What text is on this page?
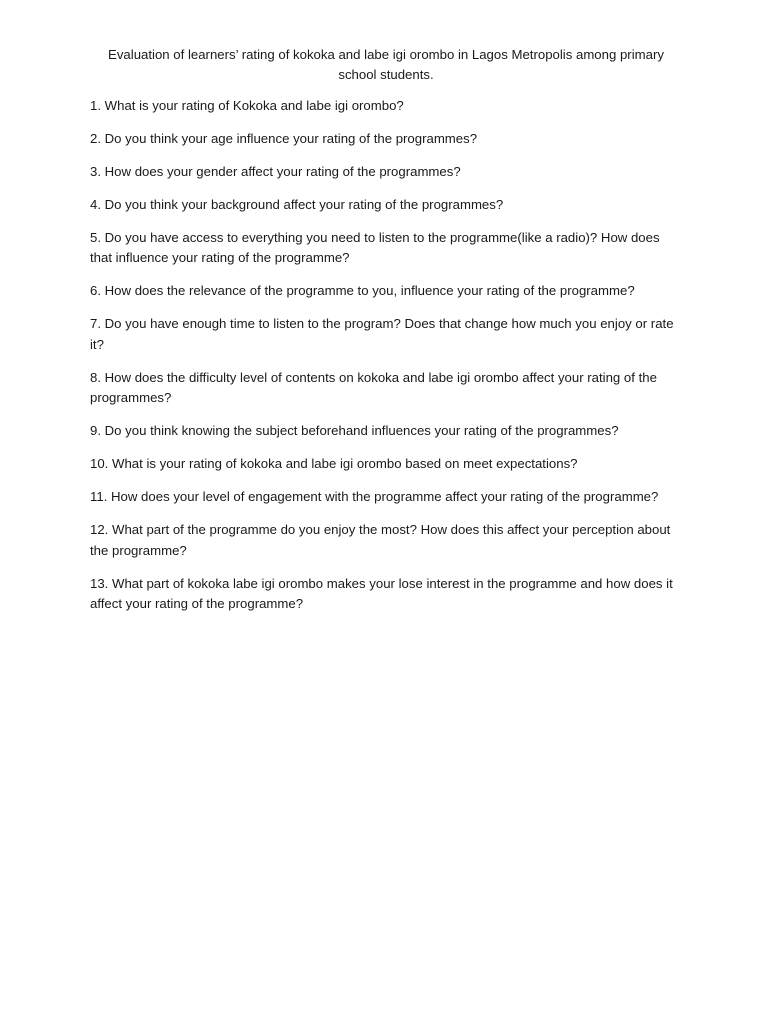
Evaluation of learners’ rating of kokoka and labe igi orombo in Lagos Metropolis among primary school students.

1. What is your rating of Kokoka and labe igi orombo?
2. Do you think your age influence your rating of the programmes?
3. How does your gender affect your rating of the programmes?
4. Do you think your background affect your rating of the programmes?
5. Do you have access to everything you need to listen to the programme(like a radio)? How does that influence your rating of the programme?
6. How does the relevance of the programme to you, influence your rating of the programme?
7. Do you have enough time to listen to the program? Does that change how much you enjoy or rate it?
8. How does the difficulty level of contents on kokoka and labe igi orombo affect your rating of the programmes?
9. Do you think knowing the subject beforehand influences your rating of the programmes?
10. What is your rating of kokoka and labe igi orombo based on meet expectations?
11. How does your level of engagement with the programme affect your rating of the programme?
12. What part of the programme do you enjoy the most? How does this affect your perception about the programme?
13. What part of kokoka labe igi orombo makes your lose interest in the programme and how does it affect your rating of the programme?
